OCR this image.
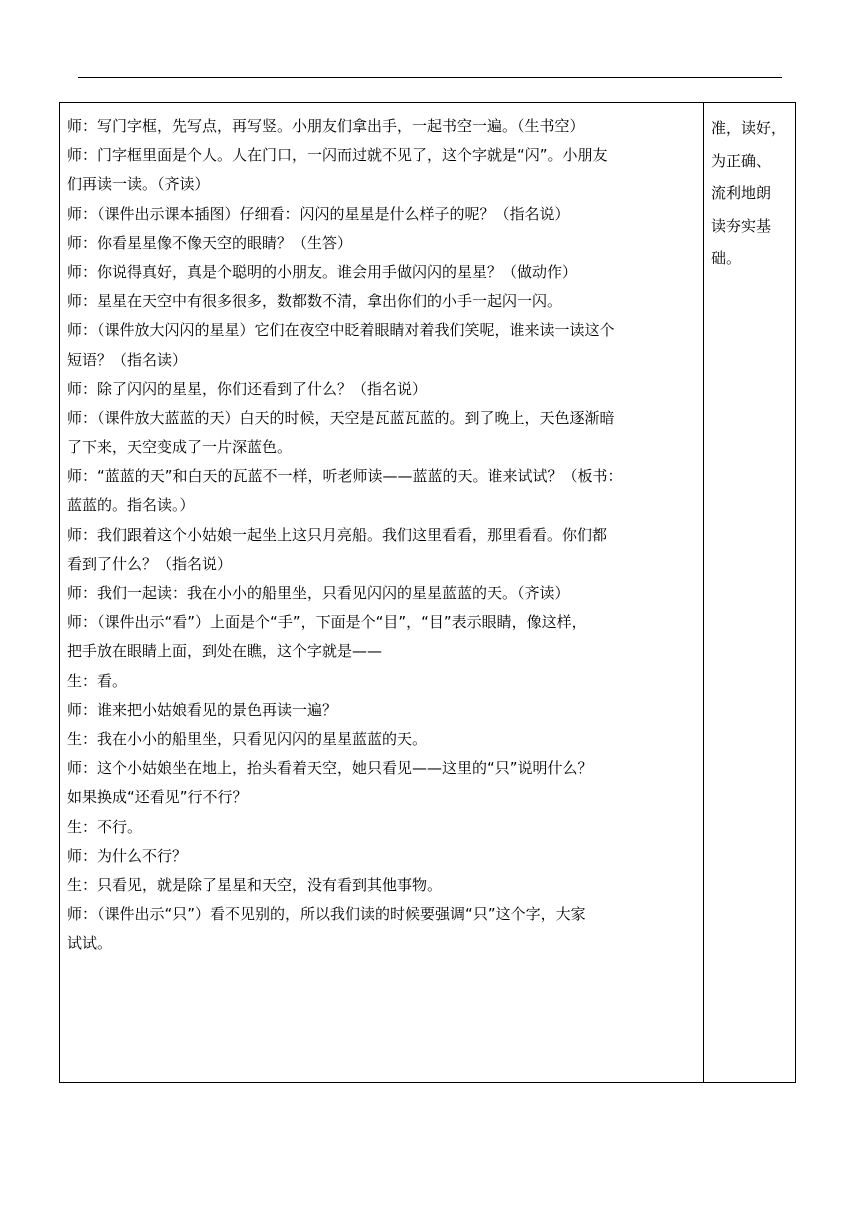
师：写门字框，先写点，再写竖。小朋友们拿出手，一起书空一遍。（生书空）
师：门字框里面是个人。人在门口，一闪而过就不见了，这个字就是“闪”。小朋友
们再读一读。（齐读）
师：（课件出示课本插图）仔细看：闪闪的星星是什么样子的呢？（指名说）
师：你看星星像不像天空的眼睛？（生答）
师：你说得真好，真是个聪明的小朋友。谁会用手做闪闪的星星？（做动作）
师：星星在天空中有很多很多，数都数不清，拿出你们的小手一起闪一闪。
师：（课件放大闪闪的星星）它们在夜空中眨着眼睛对着我们笑呢，谁来读一读这个
短语？（指名读）
师：除了闪闪的星星，你们还看到了什么？（指名说）
师：（课件放大蓝蓝的天）白天的时候，天空是瓦蓝瓦蓝的。到了晚上，天色逐渐暗
了下来，天空变成了一片深蓝色。
师：“蓝蓝的天”和白天的瓦蓝不一样，听老师读——蓝蓝的天。谁来试试？（板书：
蓝蓝的。指名读。）
师：我们跟着这个小姑娘一起坐上这只月亮船。我们这里看看，那里看看。你们都
看到了什么？（指名说）
师：我们一起读：我在小小的船里坐，只看见闪闪的星星蓝蓝的天。（齐读）
师：（课件出示“看”）上面是个“手”，下面是个“目”，“目”表示眼睛，像这样，
把手放在眼睛上面，到处在瞧，这个字就是——
生：看。
师：谁来把小姑娘看见的景色再读一遍？
生：我在小小的船里坐，只看见闪闪的星星蓝蓝的天。
师：这个小姑娘坐在地上，抬头看着天空，她只看见——这里的“只”说明什么？
如果换成“还看见”行不行？
生：不行。
师：为什么不行？
生：只看见，就是除了星星和天空，没有看到其他事物。
师：（课件出示“只”）看不见别的，所以我们读的时候要强调“只”这个字，大家
试试。
准，读好，
为正确、
流利地朗
读夯实基
础。
